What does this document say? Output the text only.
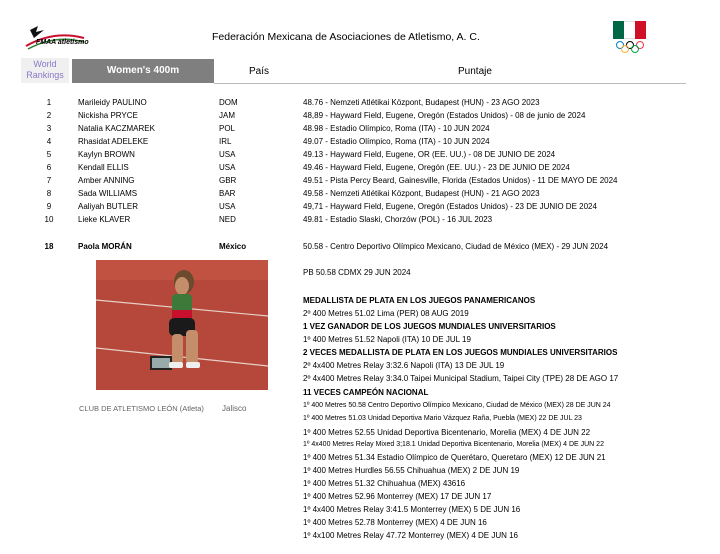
FMAA atletismo	Federación Mexicana de Asociaciones de Atletismo, A. C.
World Rankings	Women's 400m	País	Puntaje
1	Marileidy PAULINO	DOM	48.76 - Nemzeti Atlétikai Központ, Budapest (HUN) - 23 AGO 2023
2	Nickisha PRYCE	JAM	48,89 - Hayward Field, Eugene, Oregón (Estados Unidos) - 08 de junio de 2024
3	Natalia KACZMAREK	POL	48.98 - Estadio Olímpico, Roma (ITA) - 10 JUN 2024
4	Rhasidat ADELEKE	IRL	49.07 - Estadio Olímpico, Roma (ITA) - 10 JUN 2024
5	Kaylyn BROWN	USA	49.13 - Hayward Field, Eugene, OR (EE. UU.) - 08 DE JUNIO DE 2024
6	Kendall ELLIS	USA	49.46 - Hayward Field, Eugene, Oregón (EE. UU.) - 23 DE JUNIO DE 2024
7	Amber ANNING	GBR	49.51 - Pista Percy Beard, Gainesville, Florida (Estados Unidos) - 11 DE MAYO DE 2024
8	Sada WILLIAMS	BAR	49.58 - Nemzeti Atlétikai Központ, Budapest (HUN) - 21 AGO 2023
9	Aaliyah BUTLER	USA	49,71 - Hayward Field, Eugene, Oregón (Estados Unidos) - 23 DE JUNIO DE 2024
10	Lieke KLAVER	NED	49.81 - Estadio Slaski, Chorzów (POL) - 16 JUL 2023
18	Paola MORÁN	México	50.58 - Centro Deportivo Olímpico Mexicano, Ciudad de México (MEX) - 29 JUN 2024
CLUB DE ATLETISMO LEÓN (Atleta) Jalisco
PB 50.58 CDMX 29 JUN 2024
MEDALLISTA DE PLATA EN LOS JUEGOS PANAMERICANOS
2º 400 Metres 51.02 Lima (PER) 08 AUG 2019
1 VEZ GANADOR DE LOS JUEGOS MUNDIALES UNIVERSITARIOS
1º 400 Metres 51.52 Napoli (ITA) 10 DE JUL 19
2 VECES MEDALLISTA DE PLATA EN LOS JUEGOS MUNDIALES UNIVERSITARIOS
2º 4x400 Metres Relay 3:32.6 Napoli (ITA) 13 DE JUL 19
2º 4x400 Metres Relay 3:34.0 Taipei Municipal Stadium, Taipei City (TPE) 28 DE AGO 17
11 VECES CAMPEÓN NACIONAL
1º 400 Metres 50.58 Centro Deportivo Olímpico Mexicano, Ciudad de México (MEX) 28 DE JUN 24
1º 400 Metres 51.03 Unidad Deportiva Mario Vázquez Raña, Puebla (MEX) 22 DE JUL 23
1º 400 Metres 52.55 Unidad Deportiva Bicentenario, Morelia (MEX) 4 DE JUN 22
1º 4x400 Metres Relay Mixed 3;18.1 Unidad Deportiva Bicentenario, Morelia (MEX) 4 DE JUN 22
1º 400 Metres 51.34 Estadio Olímpico de Querétaro, Queretaro (MEX) 12 DE JUN 21
1º 400 Metres Hurdles 56.55 Chihuahua (MEX) 2 DE JUN 19
1º 400 Metres 51.32 Chihuahua (MEX) 43616
1º 400 Metres 52.96 Monterrey (MEX) 17 DE JUN 17
1º 4x400 Metres Relay 3:41.5 Monterrey (MEX) 5 DE JUN 16
1º 400 Metres 52.78 Monterrey (MEX) 4 DE JUN 16
1º 4x100 Metres Relay 47.72 Monterrey (MEX) 4 DE JUN 16
